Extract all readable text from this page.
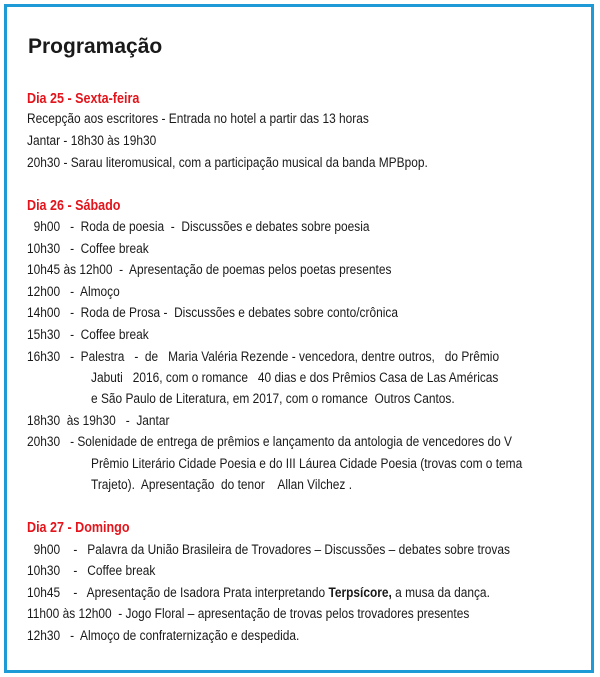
Programação
Dia 25 - Sexta-feira
Recepção aos escritores - Entrada no hotel a partir das 13 horas
Jantar - 18h30 às 19h30
20h30 - Sarau literomusical, com a participação musical da banda MPBpop.
Dia 26 - Sábado
9h00   -  Roda de poesia  -  Discussões e debates sobre poesia
10h30   -  Coffee break
10h45 às 12h00  -  Apresentação de poemas pelos poetas presentes
12h00   -  Almoço
14h00   -  Roda de Prosa -  Discussões e debates sobre conto/crônica
15h30   -  Coffee break
16h30   -  Palestra   -  de   Maria Valéria Rezende - vencedora, dentre outros,   do Prêmio
Jabuti   2016, com o romance   40 dias e dos Prêmios Casa de Las Américas
e São Paulo de Literatura, em 2017, com o romance  Outros Cantos.
18h30  às 19h30   -  Jantar
20h30   - Solenidade de entrega de prêmios e lançamento da antologia de vencedores do V
Prêmio Literário Cidade Poesia e do III Láurea Cidade Poesia (trovas com o tema
Trajeto).  Apresentação  do tenor    Allan Vilchez .
Dia 27 - Domingo
9h00    -   Palavra da União Brasileira de Trovadores – Discussões – debates sobre trovas
10h30    -   Coffee break
10h45    -   Apresentação de Isadora Prata interpretando Terpsícore, a musa da dança.
11h00 às 12h00  - Jogo Floral – apresentação de trovas pelos trovadores presentes
12h30   -  Almoço de confraternização e despedida.
